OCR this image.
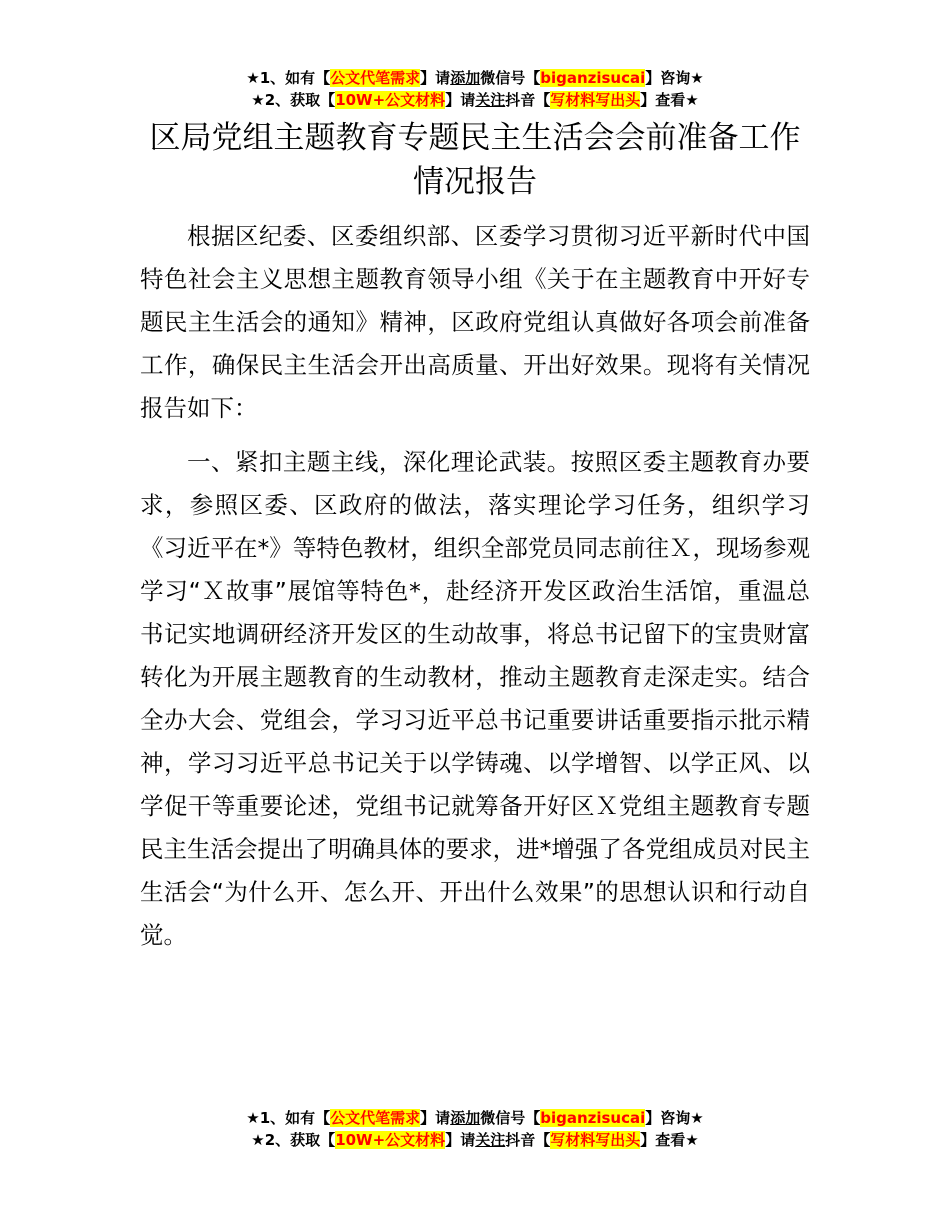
★1、如有【公文代笔需求】请添加微信号【biganzisucai】咨询★
★2、获取【10W+公文材料】请关注抖音【写材料写出头】查看★
区局党组主题教育专题民主生活会会前准备工作情况报告

根据区纪委、区委组织部、区委学习贯彻习近平新时代中国特色社会主义思想主题教育领导小组《关于在主题教育中开好专题民主生活会的通知》精神，区政府党组认真做好各项会前准备工作，确保民主生活会开出高质量、开出好效果。现将有关情况报告如下：

一、紧扣主题主线，深化理论武装。按照区委主题教育办要求，参照区委、区政府的做法，落实理论学习任务，组织学习《习近平在*》等特色教材，组织全部党员同志前往Ｘ，现场参观学习“Ｘ故事”展馆等特色*，赴经济开发区政治生活馆，重温总书记实地调研经济开发区的生动故事，将总书记留下的宝贵财富转化为开展主题教育的生动教材，推动主题教育走深走实。结合全办大会、党组会，学习习近平总书记重要讲话重要指示批示精神，学习习近平总书记关于以学铸魂、以学增智、以学正风、以学促干等重要论述，党组书记就筹备开好区Ｘ党组主题教育专题民主生活会提出了明确具体的要求，进*增强了各党组成员对民主生活会“为什么开、怎么开、开出什么效果”的思想认识和行动自觉。

★1、如有【公文代笔需求】请添加微信号【biganzisucai】咨询★
★2、获取【10W+公文材料】请关注抖音【写材料写出头】查看★
